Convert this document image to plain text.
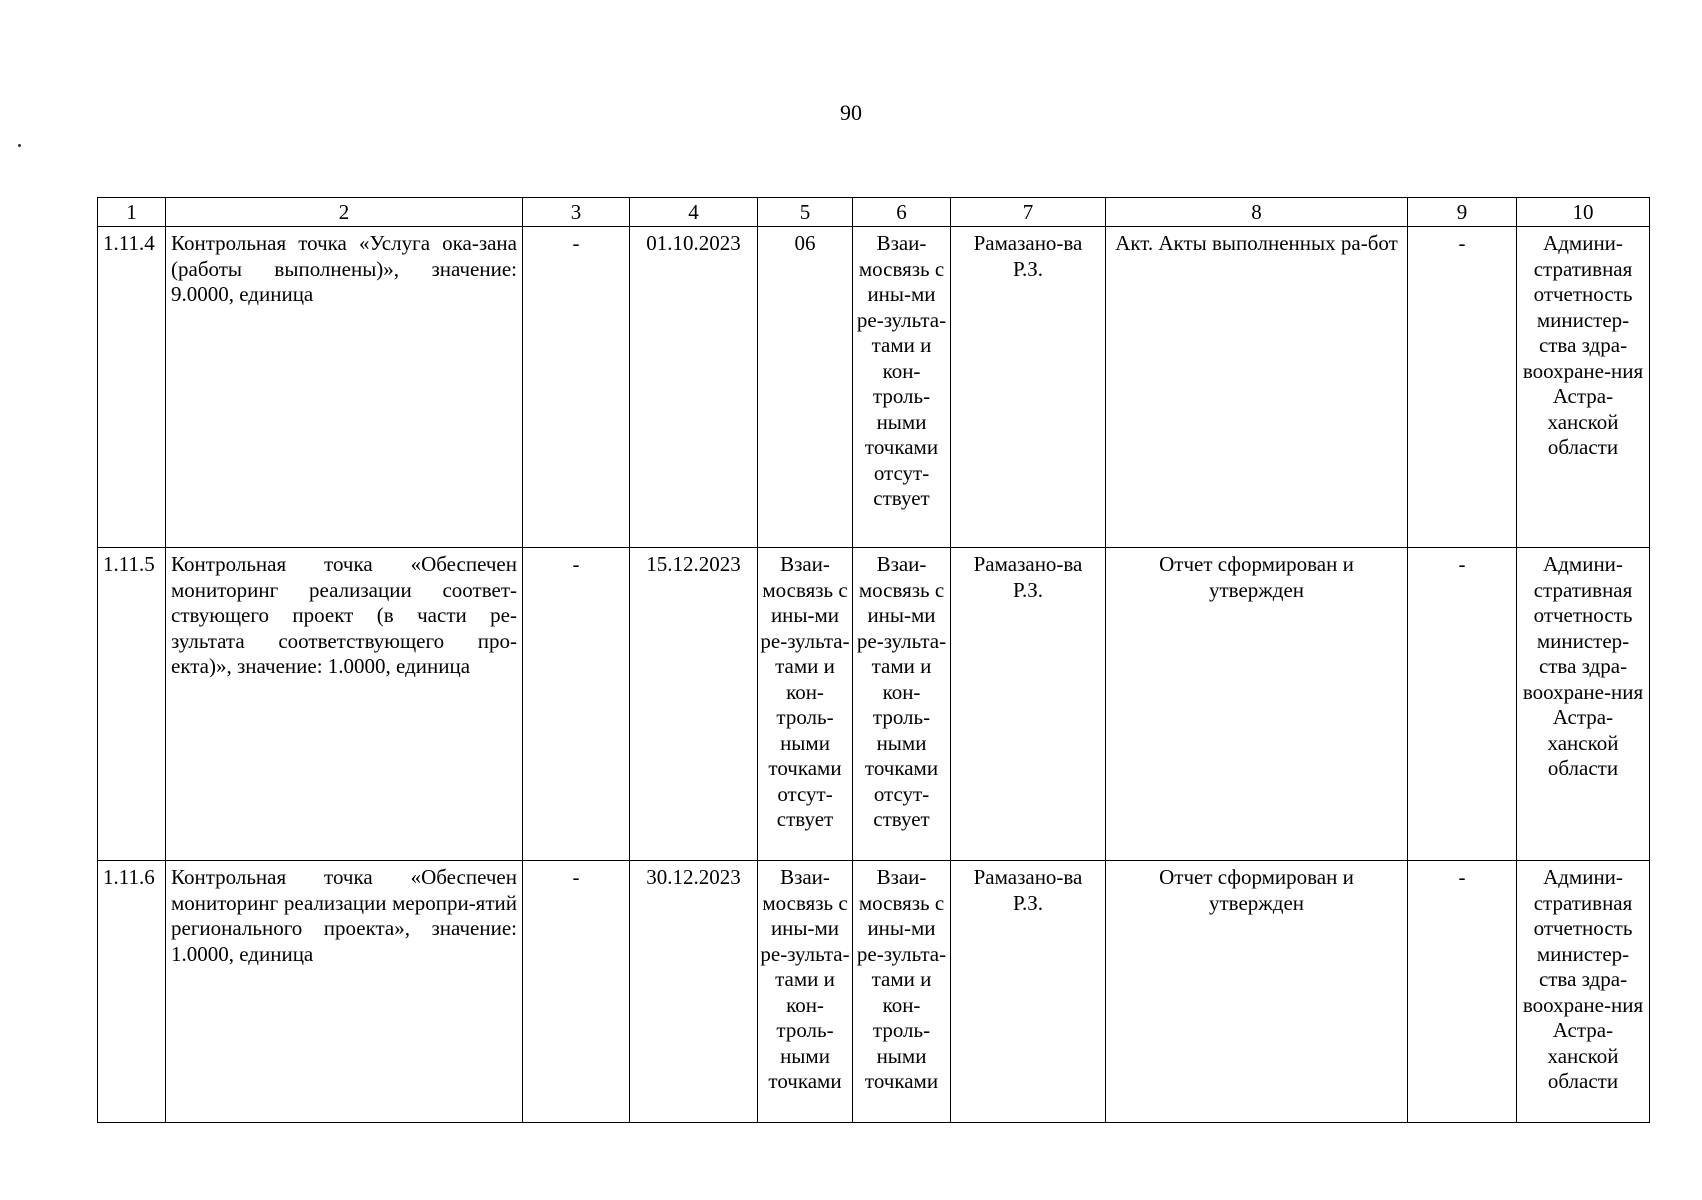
90
1	2	3	4	5	6	7	8	9	10
1.11.4	Контрольная точка «Услуга ока-зана (работы выполнены)», значение: 9.0000, единица	-	01.10.2023	06	Взаи-мосвязь с ины-ми ре-зульта-тами и кон-троль-ными точками отсут-ствует	Рамазано-ва Р.З.	Акт. Акты выполненных ра-бот	-	Админи-стративная отчетность министер-ства здра-воохране-ния Астра-ханской области
1.11.5	Контрольная точка «Обеспечен мониторинг реализации соответ-ствующего проект (в части ре-зультата соответствующего про-екта)», значение: 1.0000, единица	-	15.12.2023	Взаи-мосвязь с ины-ми ре-зульта-тами и кон-троль-ными точками отсут-ствует	Взаи-мосвязь с ины-ми ре-зульта-тами и кон-троль-ными точками отсут-ствует	Рамазано-ва Р.З.	Отчет сформирован и утвержден	-	Админи-стративная отчетность министер-ства здра-воохране-ния Астра-ханской области
1.11.6	Контрольная точка «Обеспечен мониторинг реализации меропри-ятий регионального проекта», значение: 1.0000, единица	-	30.12.2023	Взаи-мосвязь с ины-ми ре-зульта-тами и кон-троль-ными точками	Взаи-мосвязь с ины-ми ре-зульта-тами и кон-троль-ными точками	Рамазано-ва Р.З.	Отчет сформирован и утвержден	-	Админи-стративная отчетность министер-ства здра-воохране-ния Астра-ханской области
